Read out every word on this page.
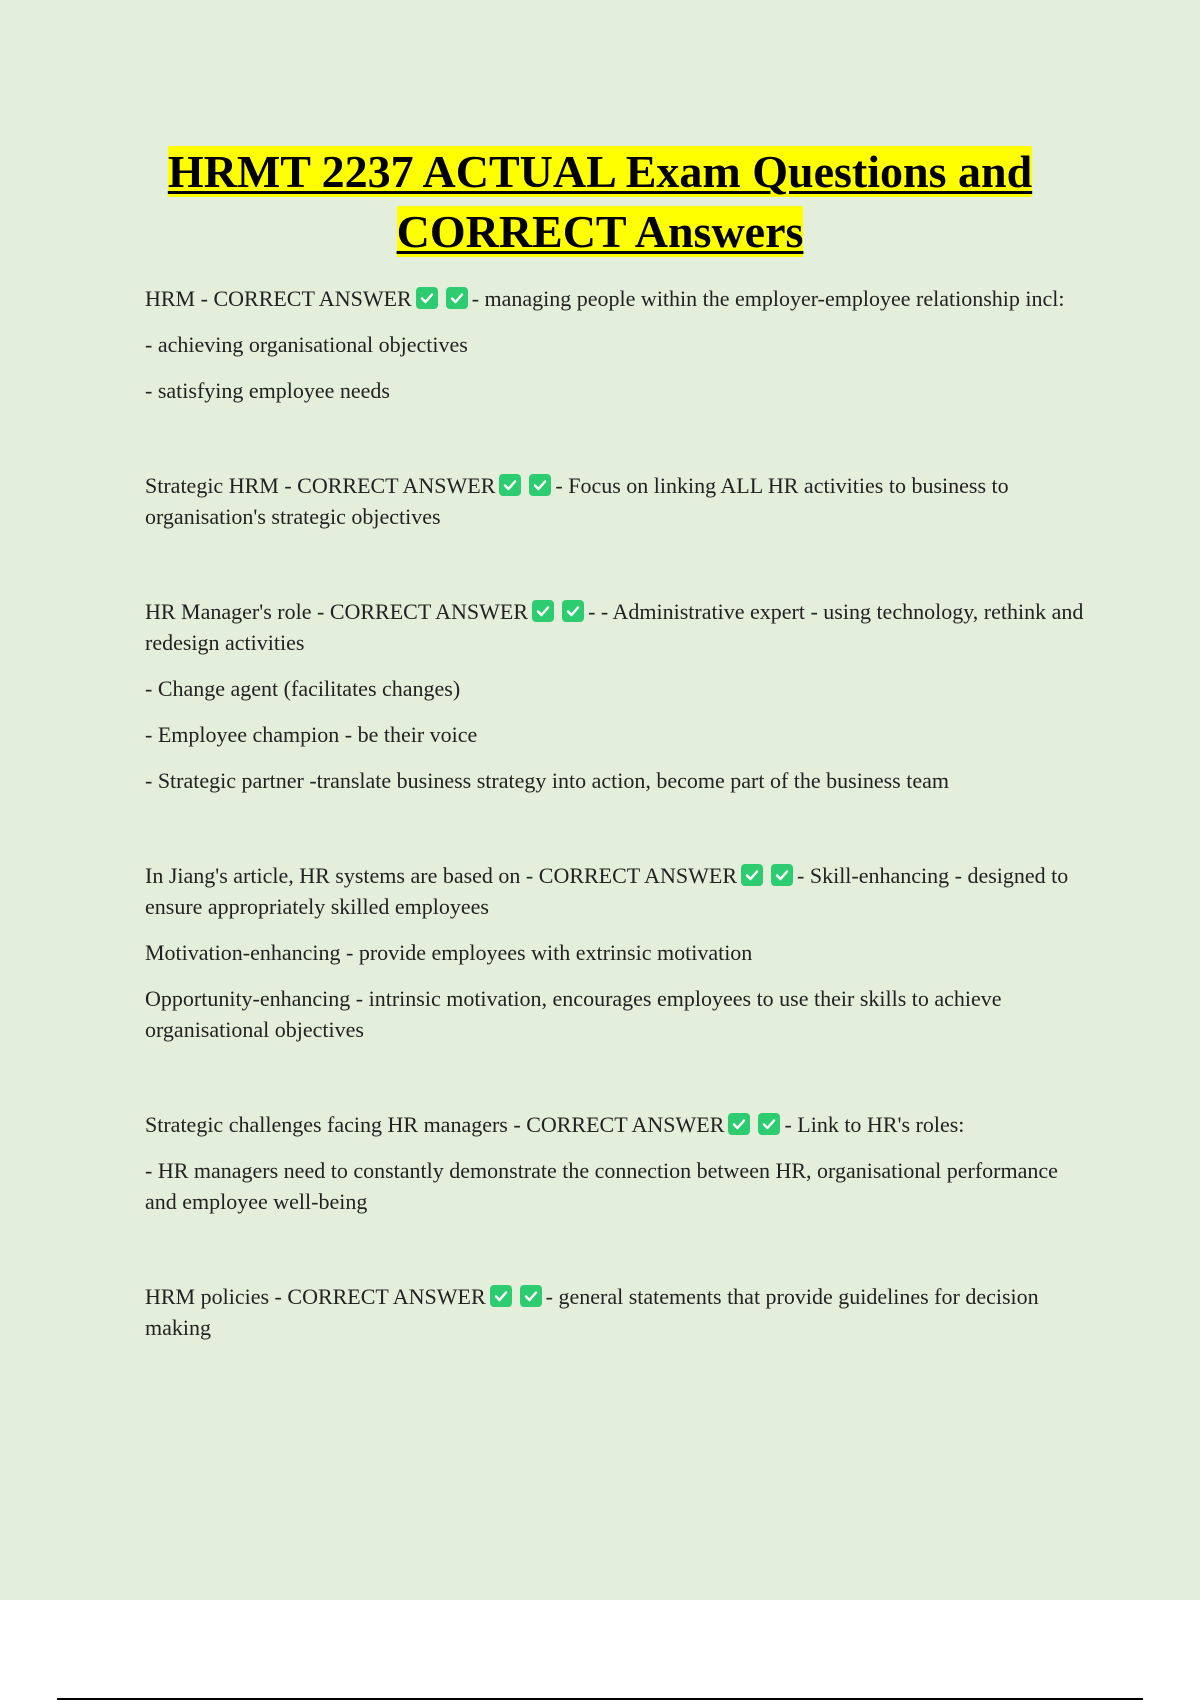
HRMT 2237 ACTUAL Exam Questions and
CORRECT Answers

HRM - CORRECT ANSWER	- managing people within the employer-employee relationship incl:

- achieving organisational objectives

- satisfying employee needs

Strategic HRM - CORRECT ANSWER	- Focus on linking ALL HR activities to business to organisation's strategic objectives

HR Manager's role - CORRECT ANSWER	- - Administrative expert - using technology, rethink and redesign activities

- Change agent (facilitates changes)

- Employee champion - be their voice

- Strategic partner -translate business strategy into action, become part of the business team

In Jiang's article, HR systems are based on - CORRECT ANSWER	- Skill-enhancing - designed to ensure appropriately skilled employees

Motivation-enhancing - provide employees with extrinsic motivation

Opportunity-enhancing - intrinsic motivation, encourages employees to use their skills to achieve organisational objectives

Strategic challenges facing HR managers - CORRECT ANSWER	- Link to HR's roles:

- HR managers need to constantly demonstrate the connection between HR, organisational performance and employee well-being

HRM policies - CORRECT ANSWER	- general statements that provide guidelines for decision making
